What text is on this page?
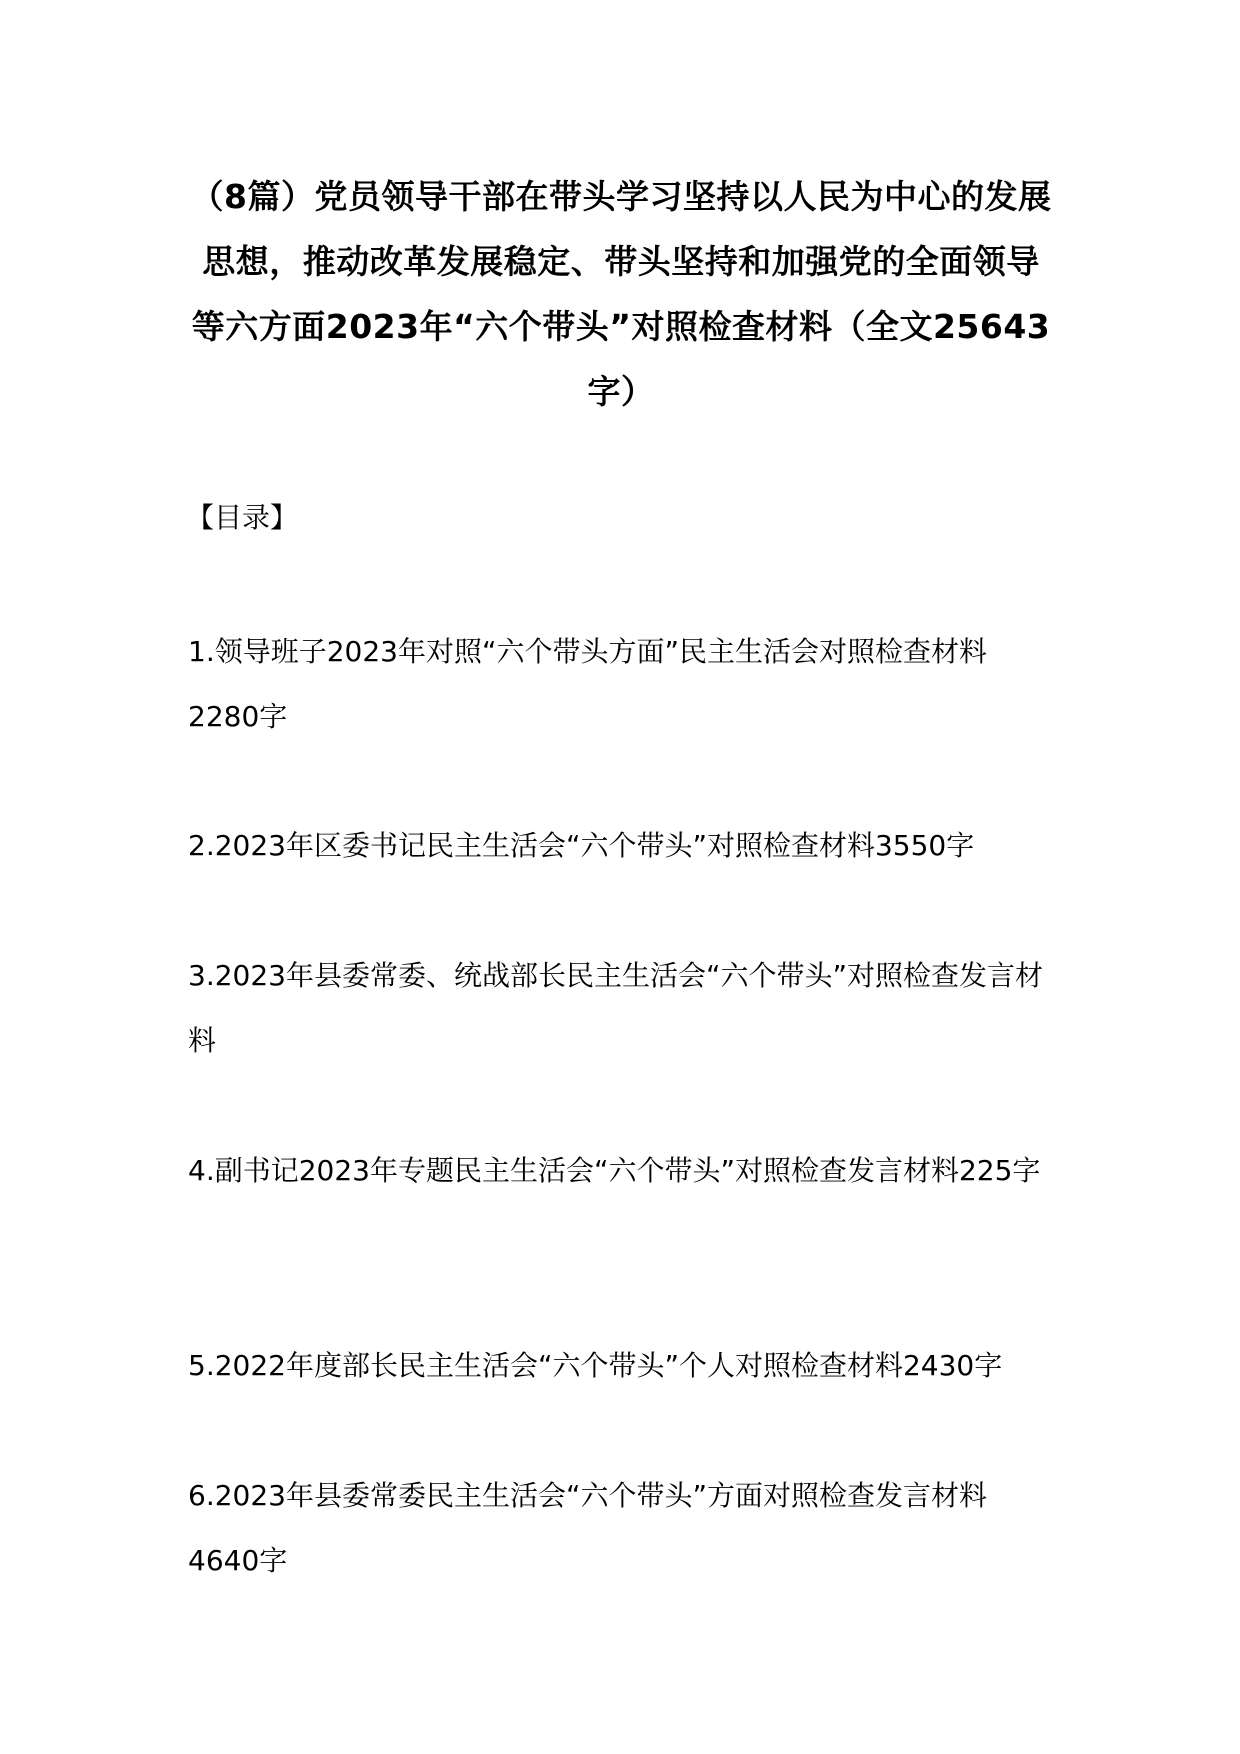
（8篇）党员领导干部在带头学习坚持以人民为中心的发展思想，推动改革发展稳定、带头坚持和加强党的全面领导等六方面2023年“六个带头”对照检查材料（全文25643字）

【目录】

1.领导班子2023年对照“六个带头方面”民主生活会对照检查材料2280字
2.2023年区委书记民主生活会“六个带头”对照检查材料3550字
3.2023年县委常委、统战部长民主生活会“六个带头”对照检查发言材料
4.副书记2023年专题民主生活会“六个带头”对照检查发言材料225字
5.2022年度部长民主生活会“六个带头”个人对照检查材料2430字
6.2023年县委常委民主生活会“六个带头”方面对照检查发言材料4640字
